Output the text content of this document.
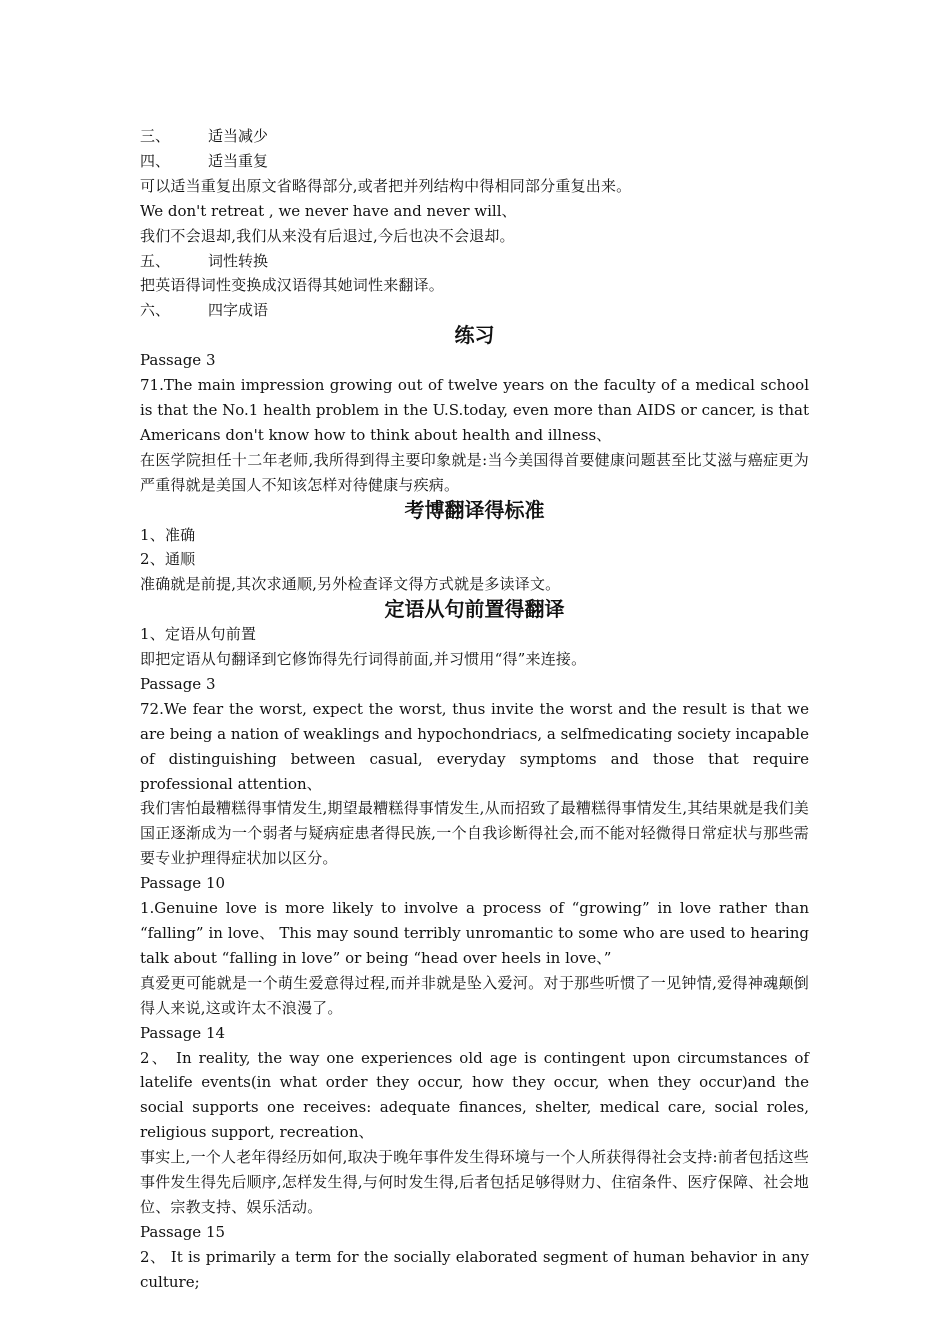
三、	适当减少
四、	适当重复
可以适当重复出原文省略得部分,或者把并列结构中得相同部分重复出来。
We don't retreat , we never have and never will、
我们不会退却,我们从来没有后退过,今后也决不会退却。
五、	词性转换
把英语得词性变换成汉语得其她词性来翻译。
六、	四字成语
练习
Passage 3
71.The main impression growing out of twelve years on the faculty of a medical school is that the No.1 health problem in the U.S.today, even more than AIDS or cancer, is that Americans don't know how to think about health and illness、
在医学院担任十二年老师,我所得到得主要印象就是:当今美国得首要健康问题甚至比艾滋与癌症更为严重得就是美国人不知该怎样对待健康与疾病。
考博翻译得标准
1、准确
2、通顺
准确就是前提,其次求通顺,另外检查译文得方式就是多读译文。
定语从句前置得翻译
1、定语从句前置
即把定语从句翻译到它修饰得先行词得前面,并习惯用“得”来连接。
Passage 3
72.We fear the worst, expect the worst, thus invite the worst and the result is that we are being a nation of weaklings and hypochondriacs, a selfmedicating society incapable of distinguishing between casual, everyday symptoms and those that require professional attention、
我们害怕最糟糕得事情发生,期望最糟糕得事情发生,从而招致了最糟糕得事情发生,其结果就是我们美国正逐渐成为一个弱者与疑病症患者得民族,一个自我诊断得社会,而不能对轻微得日常症状与那些需要专业护理得症状加以区分。
Passage 10
1.Genuine love is more likely to involve a process of “growing” in love rather than “falling” in love、 This may sound terribly unromantic to some who are used to hearing talk about “falling in love” or being “head over heels in love、”
真爱更可能就是一个萌生爱意得过程,而并非就是坠入爱河。对于那些听惯了一见钟情,爱得神魂颠倒得人来说,这或许太不浪漫了。
Passage 14
2、 In reality, the way one experiences old age is contingent upon circumstances of latelife events(in what order they occur, how they occur, when they occur)and the social supports one receives: adequate finances, shelter, medical care, social roles, religious support, recreation、
事实上,一个人老年得经历如何,取决于晚年事件发生得环境与一个人所获得得社会支持:前者包括这些事件发生得先后顺序,怎样发生得,与何时发生得,后者包括足够得财力、住宿条件、医疗保障、社会地位、宗教支持、娱乐活动。
Passage 15
2、 It is primarily a term for the socially elaborated segment of human behavior in any culture;
